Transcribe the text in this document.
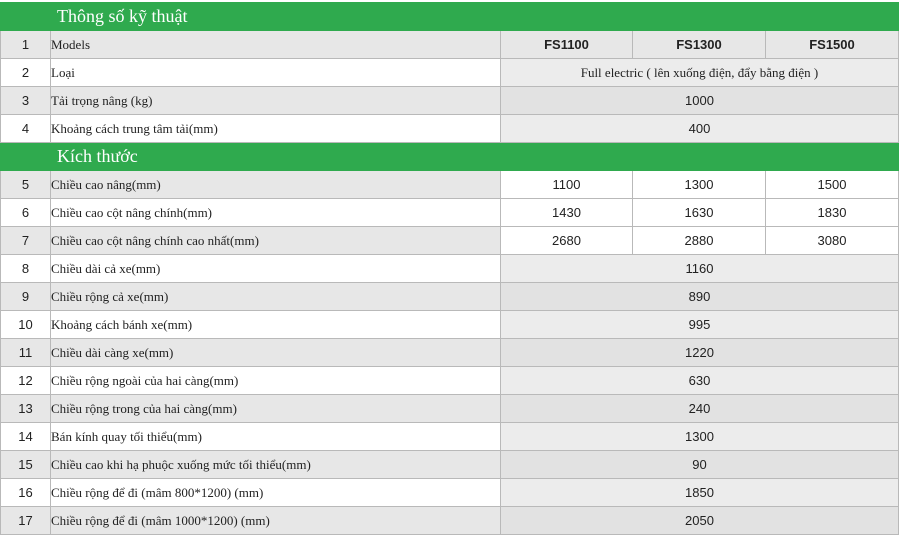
	Thông số kỹ thuật			
1	Models	FS1100	FS1300	FS1500
2	Loại	Full electric ( lên xuống điện, đẩy bằng điện )		
3	Tải trọng nâng (kg)	1000		
4	Khoảng cách trung tâm tải(mm)	400		
	Kích thước			
5	Chiều cao nâng(mm)	1100	1300	1500
6	Chiều cao cột nâng chính(mm)	1430	1630	1830
7	Chiều cao cột nâng chính cao nhất(mm)	2680	2880	3080
8	Chiều dài cả xe(mm)	1160		
9	Chiều rộng cả xe(mm)	890		
10	Khoảng cách bánh xe(mm)	995		
11	Chiều dài càng xe(mm)	1220		
12	Chiều rộng ngoài của hai càng(mm)	630		
13	Chiều rộng trong của hai càng(mm)	240		
14	Bán kính quay tối thiểu(mm)	1300		
15	Chiều cao khi hạ phuộc xuống mức tối thiểu(mm)	90		
16	Chiều rộng để đi (mâm 800*1200) (mm)	1850		
17	Chiều rộng để đi (mâm 1000*1200) (mm)	2050		
